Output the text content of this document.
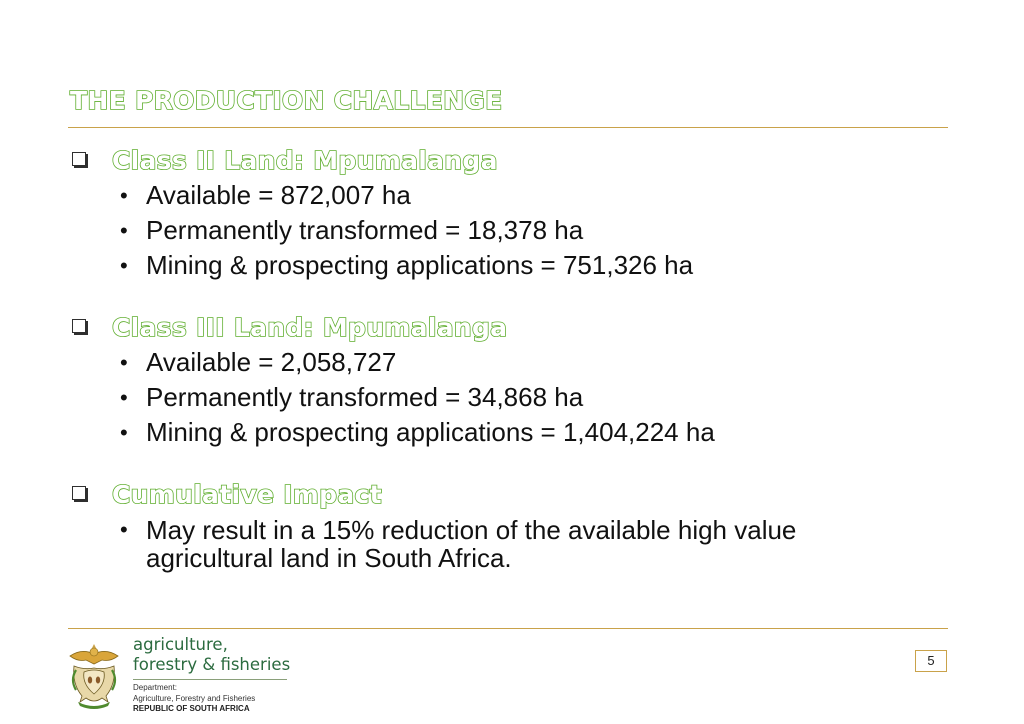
THE PRODUCTION CHALLENGE
Class II Land: Mpumalanga
• Available = 872,007 ha
• Permanently transformed = 18,378 ha
• Mining & prospecting applications = 751,326 ha
Class III Land: Mpumalanga
• Available = 2,058,727
• Permanently transformed = 34,868 ha
• Mining & prospecting applications = 1,404,224 ha
Cumulative Impact
• May result in a 15% reduction of the available high value agricultural land in South Africa.
agriculture,
forestry & fisheries
Department:
Agriculture, Forestry and Fisheries
REPUBLIC OF SOUTH AFRICA
5
